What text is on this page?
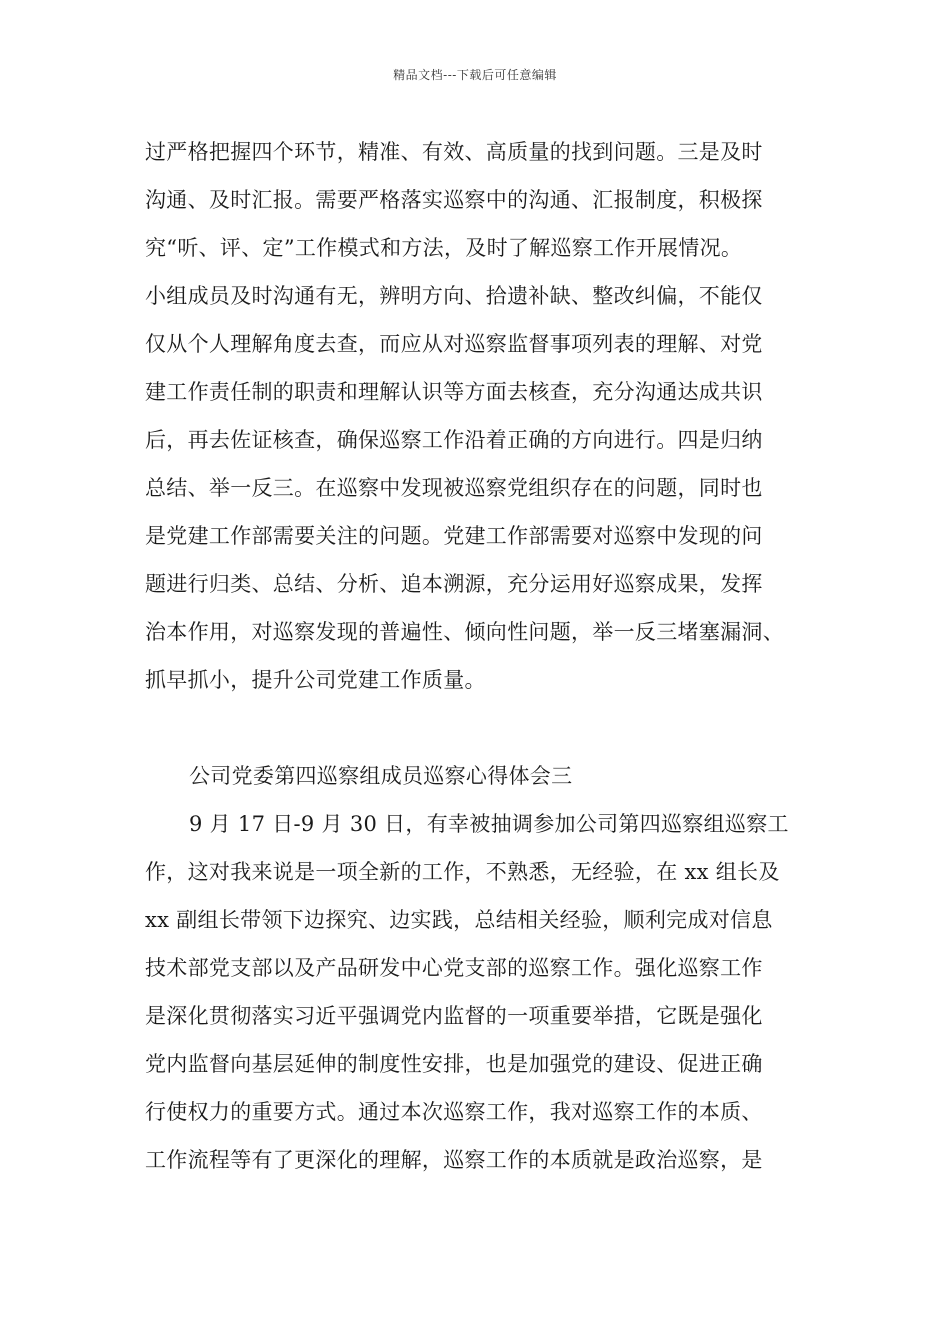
精品文档---下载后可任意编辑
过严格把握四个环节，精准、有效、高质量的找到问题。三是及时
沟通、及时汇报。需要严格落实巡察中的沟通、汇报制度，积极探
究“听、评、定”工作模式和方法，及时了解巡察工作开展情况。
小组成员及时沟通有无，辨明方向、拾遗补缺、整改纠偏，不能仅
仅从个人理解角度去查，而应从对巡察监督事项列表的理解、对党
建工作责任制的职责和理解认识等方面去核查，充分沟通达成共识
后，再去佐证核查，确保巡察工作沿着正确的方向进行。四是归纳
总结、举一反三。在巡察中发现被巡察党组织存在的问题，同时也
是党建工作部需要关注的问题。党建工作部需要对巡察中发现的问
题进行归类、总结、分析、追本溯源，充分运用好巡察成果，发挥
治本作用，对巡察发现的普遍性、倾向性问题，举一反三堵塞漏洞、
抓早抓小，提升公司党建工作质量。
公司党委第四巡察组成员巡察心得体会三
9 月 17 日-9 月 30 日，有幸被抽调参加公司第四巡察组巡察工
作，这对我来说是一项全新的工作，不熟悉，无经验，在 xx 组长及
xx 副组长带领下边探究、边实践，总结相关经验，顺利完成对信息
技术部党支部以及产品研发中心党支部的巡察工作。强化巡察工作
是深化贯彻落实习近平强调党内监督的一项重要举措，它既是强化
党内监督向基层延伸的制度性安排，也是加强党的建设、促进正确
行使权力的重要方式。通过本次巡察工作，我对巡察工作的本质、
工作流程等有了更深化的理解，巡察工作的本质就是政治巡察，是
